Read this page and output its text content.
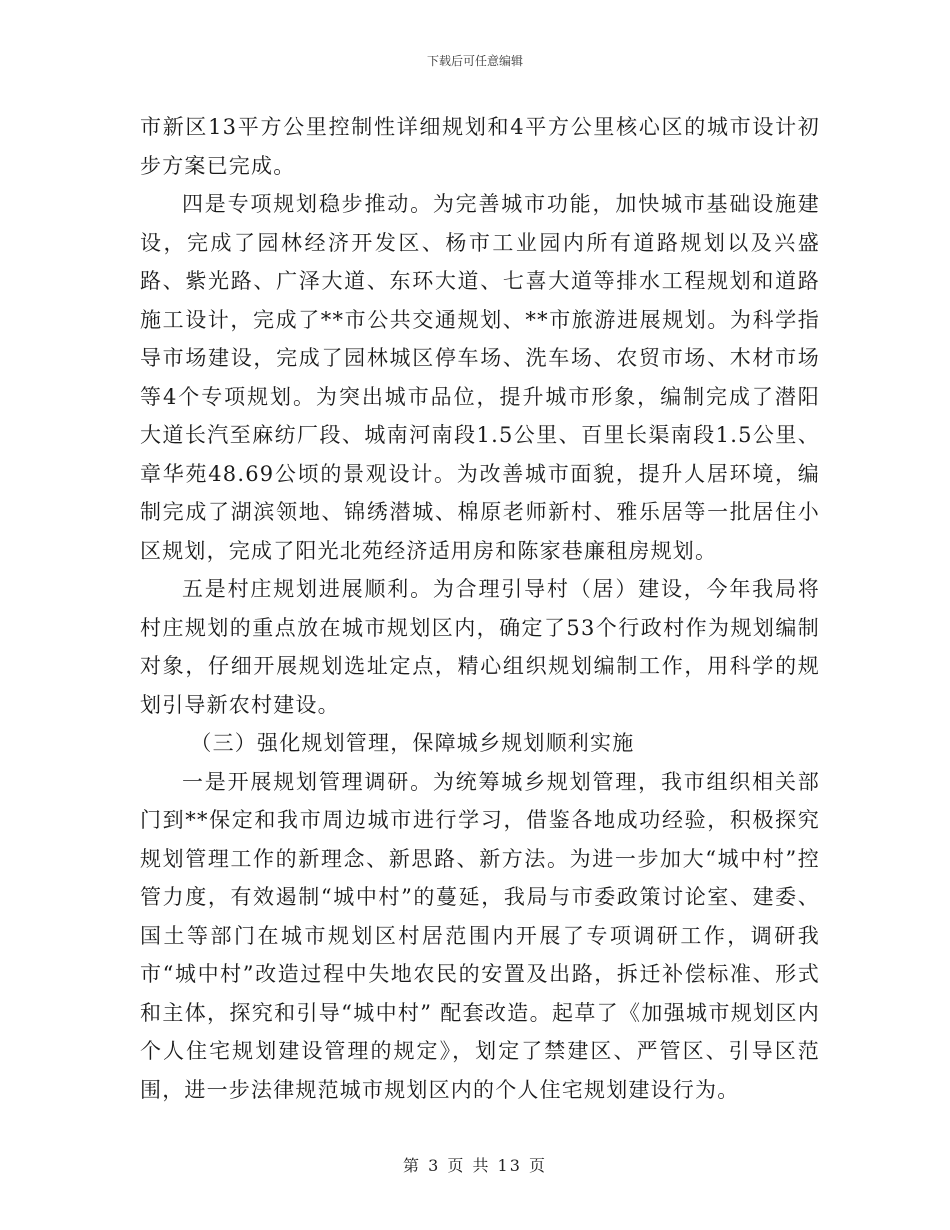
下载后可任意编辑

市新区13平方公里控制性详细规划和4平方公里核心区的城市设计初步方案已完成。

四是专项规划稳步推动。为完善城市功能，加快城市基础设施建设，完成了园林经济开发区、杨市工业园内所有道路规划以及兴盛路、紫光路、广泽大道、东环大道、七喜大道等排水工程规划和道路施工设计，完成了**市公共交通规划、**市旅游进展规划。为科学指导市场建设，完成了园林城区停车场、洗车场、农贸市场、木材市场等4个专项规划。为突出城市品位，提升城市形象，编制完成了潜阳大道长汽至麻纺厂段、城南河南段1.5公里、百里长渠南段1.5公里、章华苑48.69公顷的景观设计。为改善城市面貌，提升人居环境，编制完成了湖滨领地、锦绣潜城、棉原老师新村、雅乐居等一批居住小区规划，完成了阳光北苑经济适用房和陈家巷廉租房规划。

五是村庄规划进展顺利。为合理引导村（居）建设，今年我局将村庄规划的重点放在城市规划区内，确定了53个行政村作为规划编制对象，仔细开展规划选址定点，精心组织规划编制工作，用科学的规划引导新农村建设。

（三）强化规划管理，保障城乡规划顺利实施

一是开展规划管理调研。为统筹城乡规划管理，我市组织相关部门到**保定和我市周边城市进行学习，借鉴各地成功经验，积极探究规划管理工作的新理念、新思路、新方法。为进一步加大“城中村”控管力度，有效遏制“城中村”的蔓延，我局与市委政策讨论室、建委、国土等部门在城市规划区村居范围内开展了专项调研工作，调研我市“城中村”改造过程中失地农民的安置及出路，拆迁补偿标准、形式和主体，探究和引导“城中村” 配套改造。起草了《加强城市规划区内个人住宅规划建设管理的规定》，划定了禁建区、严管区、引导区范围，进一步法律规范城市规划区内的个人住宅规划建设行为。

第 3 页 共 13 页
